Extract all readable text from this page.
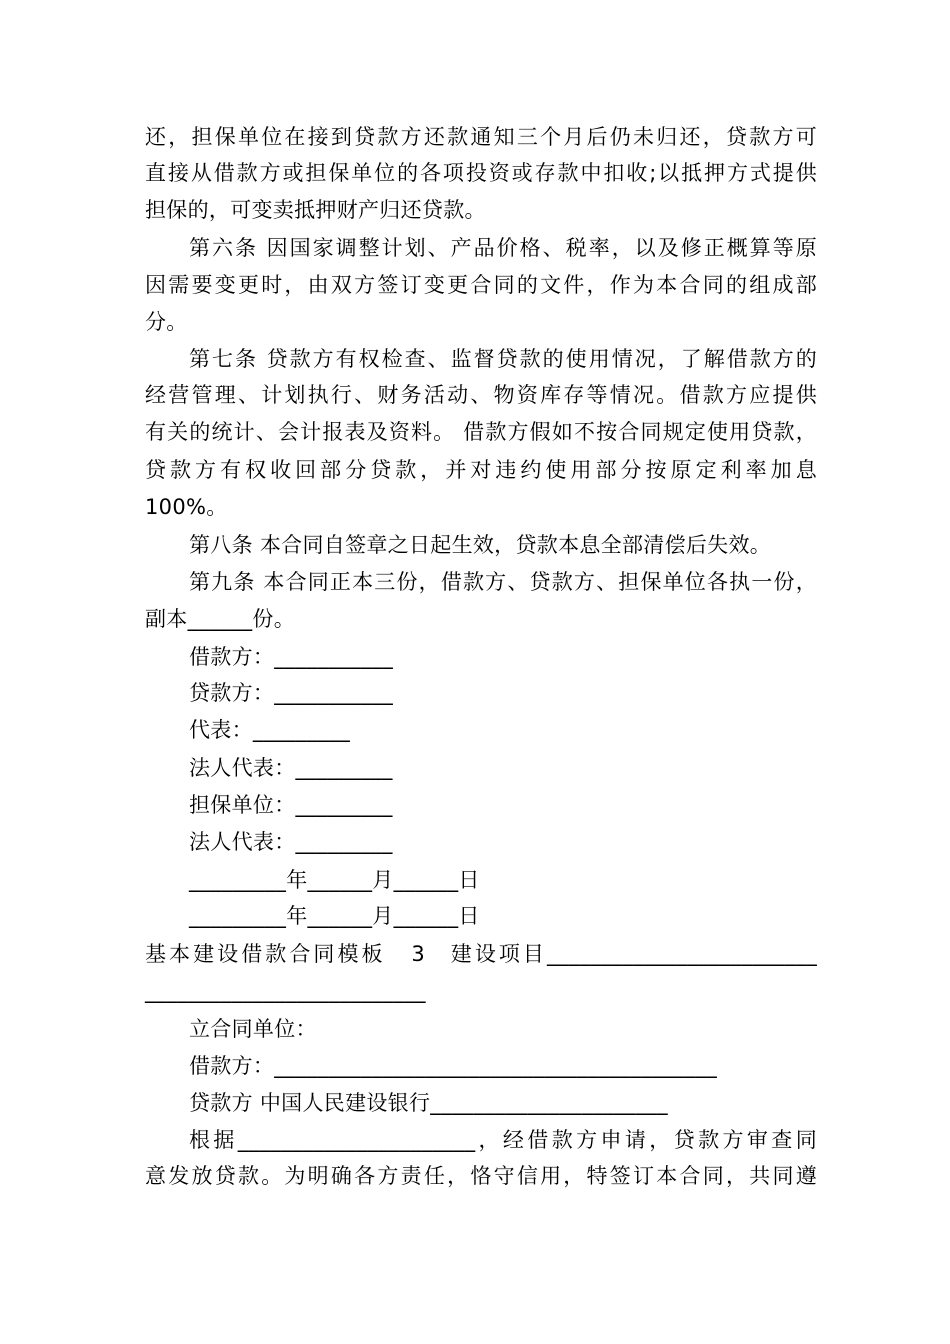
还，担保单位在接到贷款方还款通知三个月后仍未归还，贷款方可
直接从借款方或担保单位的各项投资或存款中扣收;以抵押方式提供
担保的，可变卖抵押财产归还贷款。
第六条 因国家调整计划、产品价格、税率，以及修正概算等原
因需要变更时，由双方签订变更合同的文件，作为本合同的组成部
分。
第七条 贷款方有权检查、监督贷款的使用情况，了解借款方的
经营管理、计划执行、财务活动、物资库存等情况。借款方应提供
有关的统计、会计报表及资料。 借款方假如不按合同规定使用贷款，
贷款方有权收回部分贷款，并对违约使用部分按原定利率加息
100%。
第八条 本合同自签章之日起生效，贷款本息全部清偿后失效。
第九条 本合同正本三份，借款方、贷款方、担保单位各执一份，
副本______份。
借款方：___________
贷款方：___________
代表：_________
法人代表：_________
担保单位：_________
法人代表：_________
_________年______月______日
_________年______月______日
基本建设借款合同模板 3 建设项目_________________________
__________________________
立合同单位：
借款方：_________________________________________
贷款方 中国人民建设银行______________________
根据______________________，经借款方申请，贷款方审查同
意发放贷款。为明确各方责任，恪守信用，特签订本合同，共同遵
